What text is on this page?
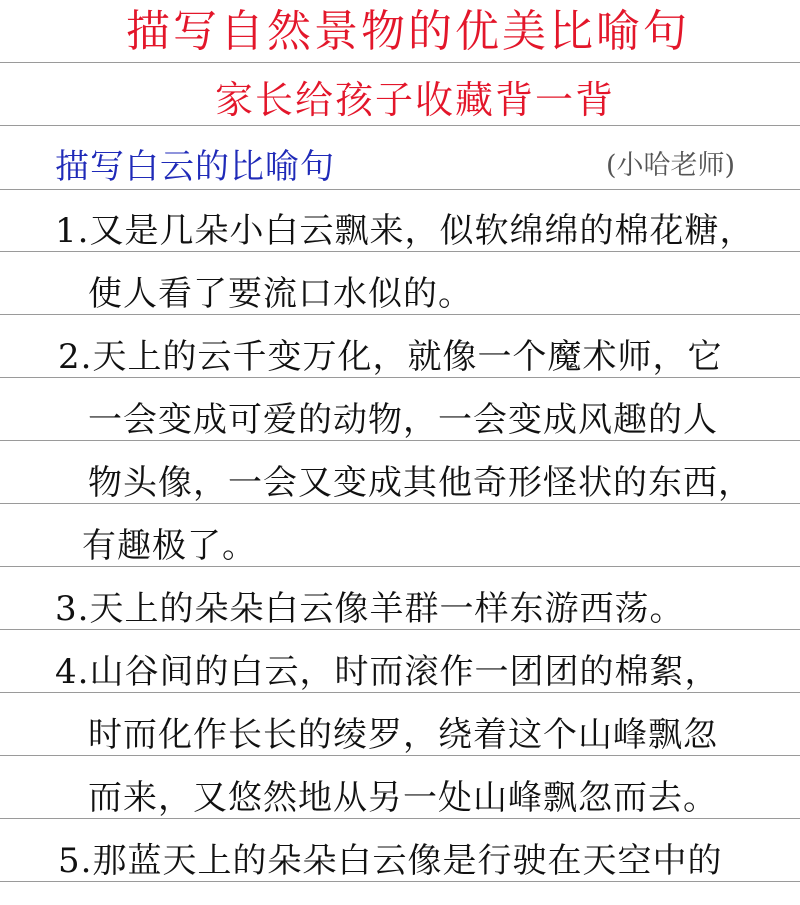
描写自然景物的优美比喻句
家长给孩子收藏背一背
描写白云的比喻句	(小哈老师)
1.又是几朵小白云飘来，似软绵绵的棉花糖，
使人看了要流口水似的。
2.天上的云千变万化，就像一个魔术师，它
一会变成可爱的动物，一会变成风趣的人
物头像，一会又变成其他奇形怪状的东西，
有趣极了。
3.天上的朵朵白云像羊群一样东游西荡。
4.山谷间的白云，时而滚作一团团的棉絮，
时而化作长长的绫罗，绕着这个山峰飘忽
而来，又悠然地从另一处山峰飘忽而去。
5.那蓝天上的朵朵白云像是行驶在天空中的
